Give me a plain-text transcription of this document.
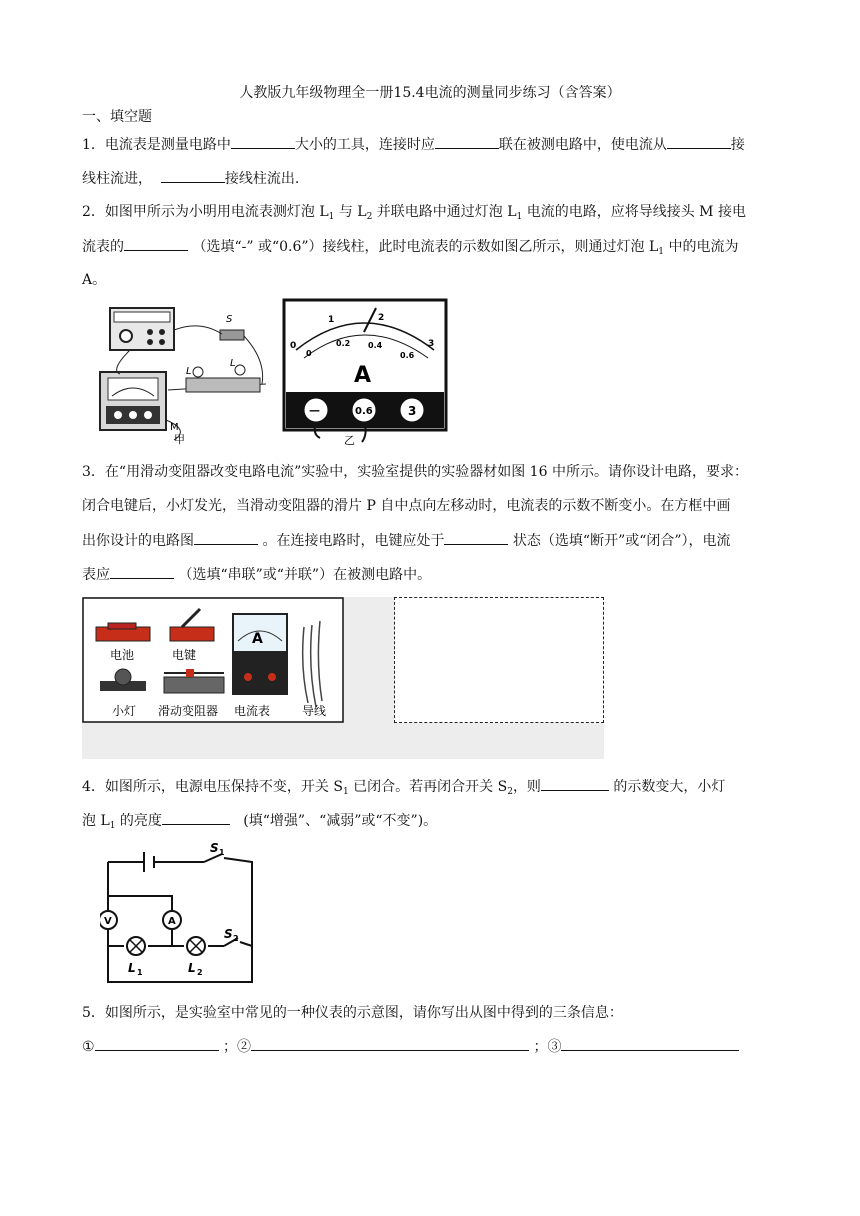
人教版九年级物理全一册15.4电流的测量同步练习（含答案）
一、填空题
1．电流表是测量电路中	大小的工具，连接时应	联在被测电路中，使电流从	接
线柱流进，	接线柱流出.
2．如图甲所示为小明用电流表测灯泡 $L_1$ 与 $L_2$ 并联电路中通过灯泡 $L_1$ 电流的电路，应将导线接头 M 接电
流表的	（选填“-” 或“0.6”）接线柱，此时电流表的示数如图乙所示，则通过灯泡 $L_1$ 中的电流为
A。
L
L
S
M
甲
0
1	2
3
0
0.2 0.4
0.6
A
—	0.6	3
乙
3．在“用滑动变阻器改变电路电流”实验中，实验室提供的实验器材如图 16 中所示。请你设计电路，要求：
闭合电键后，小灯发光，当滑动变阻器的滑片 P 自中点向左移动时，电流表的示数不断变小。在方框中画
出你设计的电路图	。在连接电路时，电键应处于	状态（选填“断开”或“闭合”），电流
表应	（选填“串联”或“并联”）在被测电路中。
A
电池	电键
小灯 滑动变阻器 电流表	导线
4．如图所示，电源电压保持不变，开关 $S_1$ 已闭合。若再闭合开关 $S_2$，则	的示数变大，小灯
泡 $L_1$ 的亮度	(填“增强”、“减弱”或“不变”)。
V	A
S 1
S 2
L 1	L 2
5．如图所示，是实验室中常见的一种仪表的示意图，请你写出从图中得到的三条信息：
①	；②	；③
